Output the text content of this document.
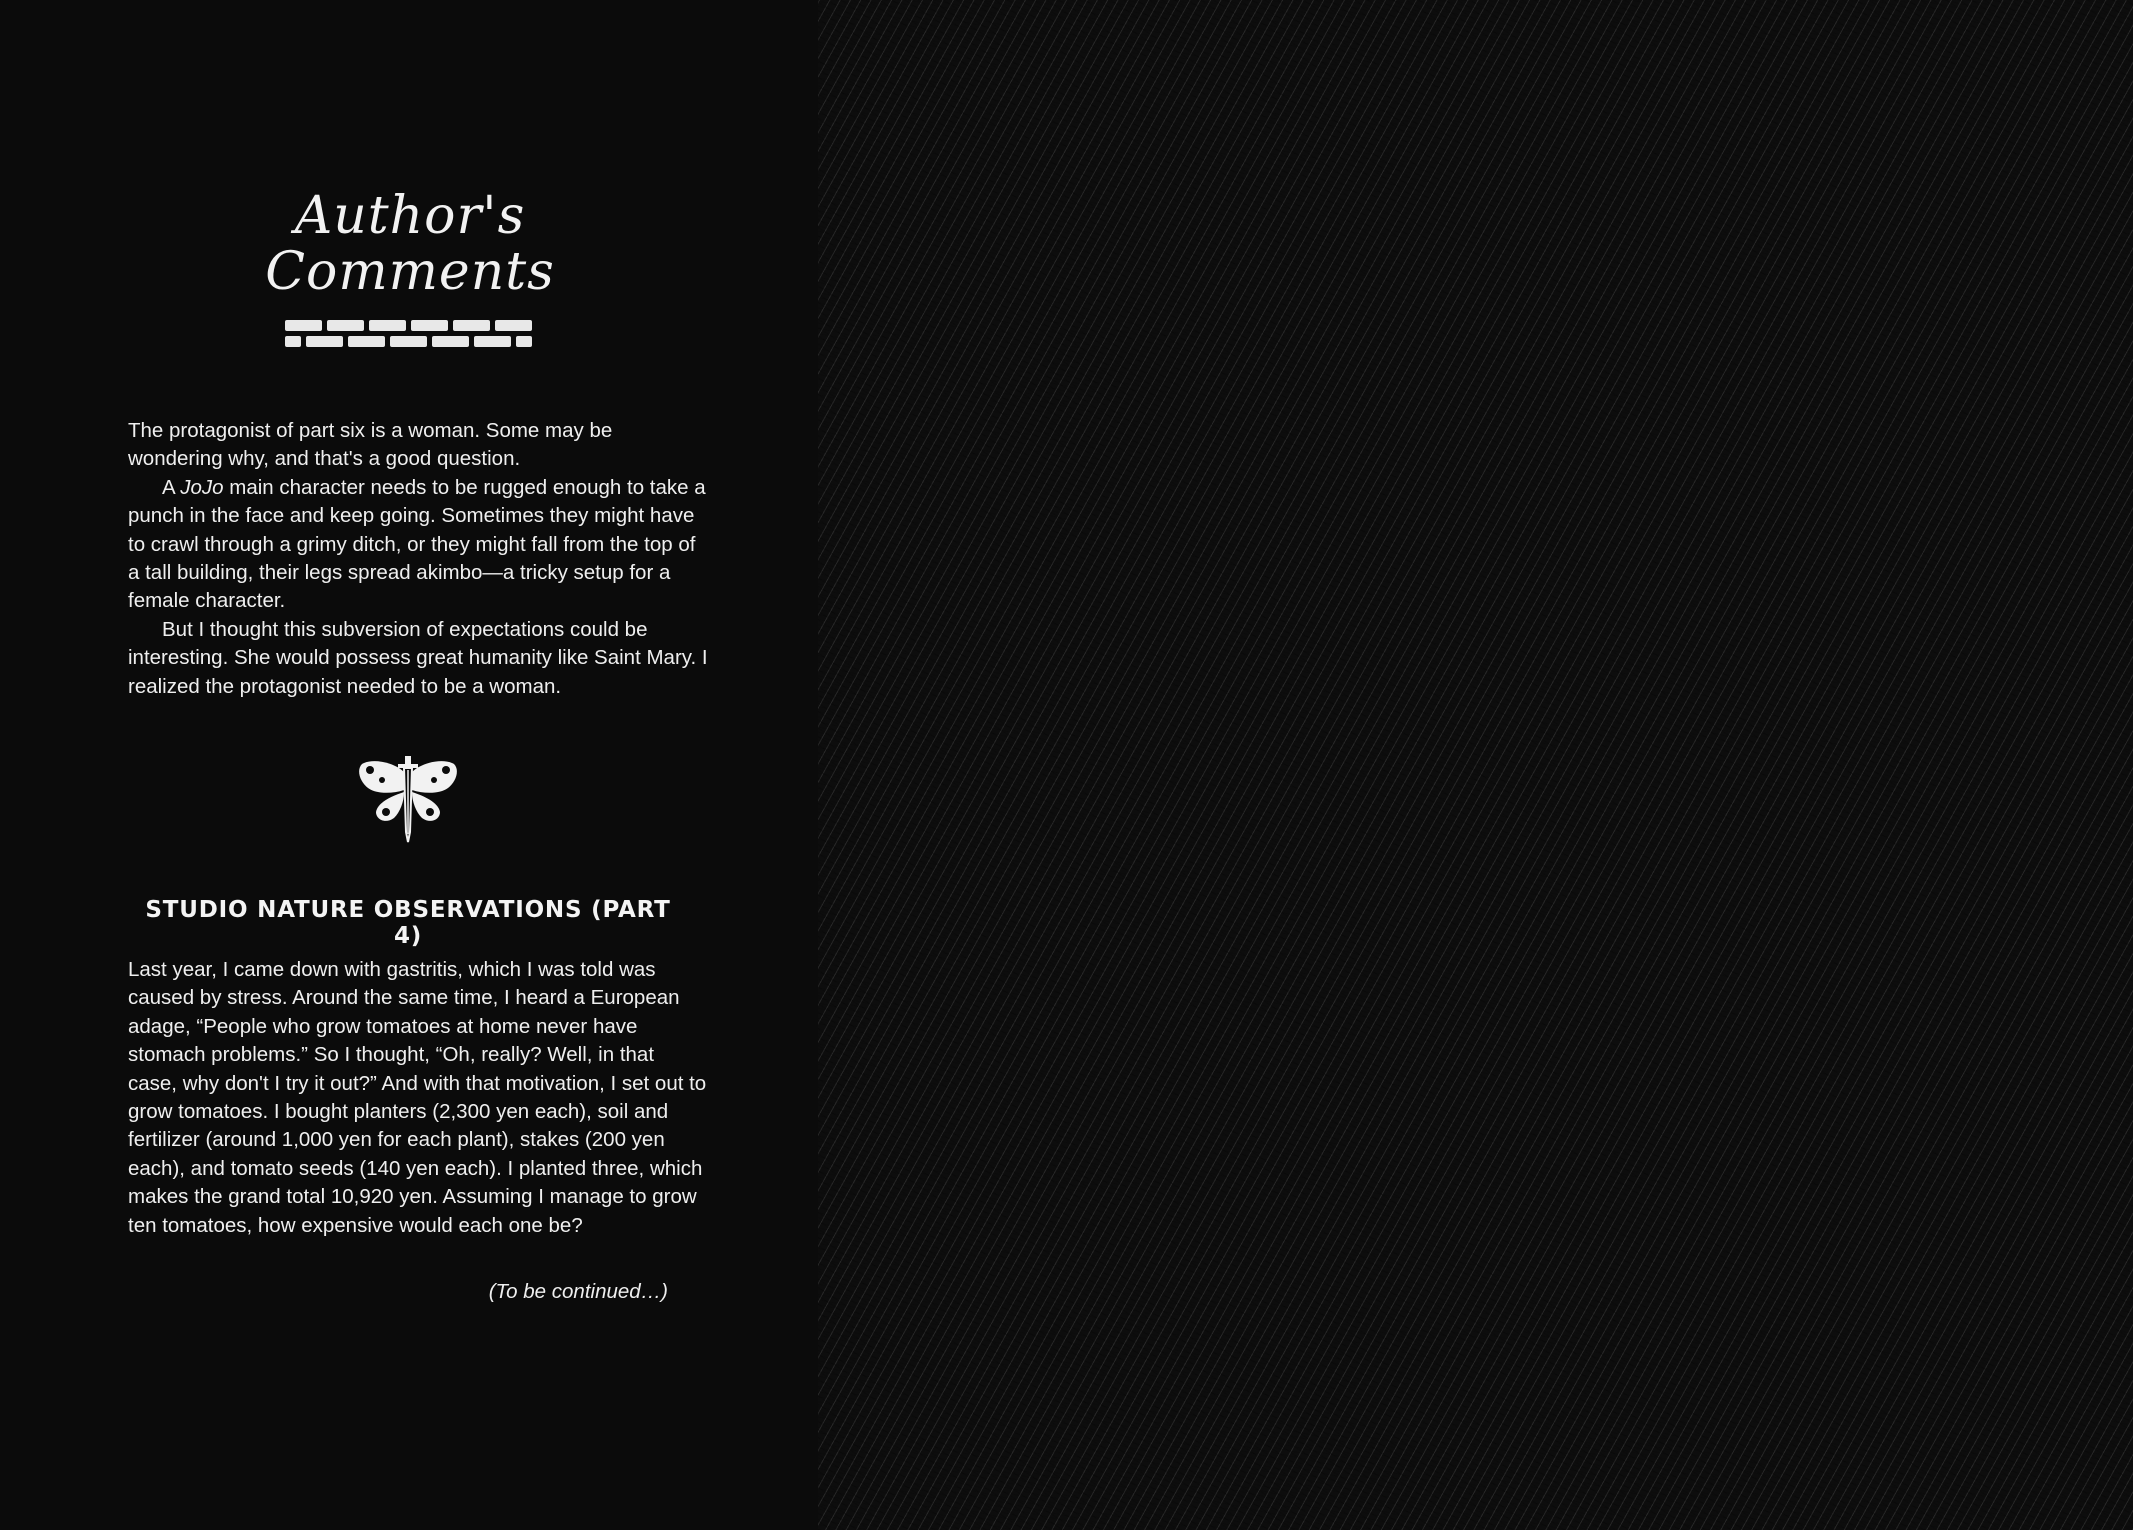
Author's
Comments

The protagonist of part six is a woman. Some may be wondering why, and that's a good question.

A JoJo main character needs to be rugged enough to take a punch in the face and keep going. Sometimes they might have to crawl through a grimy ditch, or they might fall from the top of a tall building, their legs spread akimbo—a tricky setup for a female character.

But I thought this subversion of expectations could be interesting. She would possess great humanity like Saint Mary. I realized the protagonist needed to be a woman.

STUDIO NATURE OBSERVATIONS (PART 4)

Last year, I came down with gastritis, which I was told was caused by stress. Around the same time, I heard a European adage, “People who grow tomatoes at home never have stomach problems.” So I thought, “Oh, really? Well, in that case, why don't I try it out?” And with that motivation, I set out to grow tomatoes. I bought planters (2,300 yen each), soil and fertilizer (around 1,000 yen for each plant), stakes (200 yen each), and tomato seeds (140 yen each). I planted three, which makes the grand total 10,920 yen. Assuming I manage to grow ten tomatoes, how expensive would each one be?

(To be continued…)
